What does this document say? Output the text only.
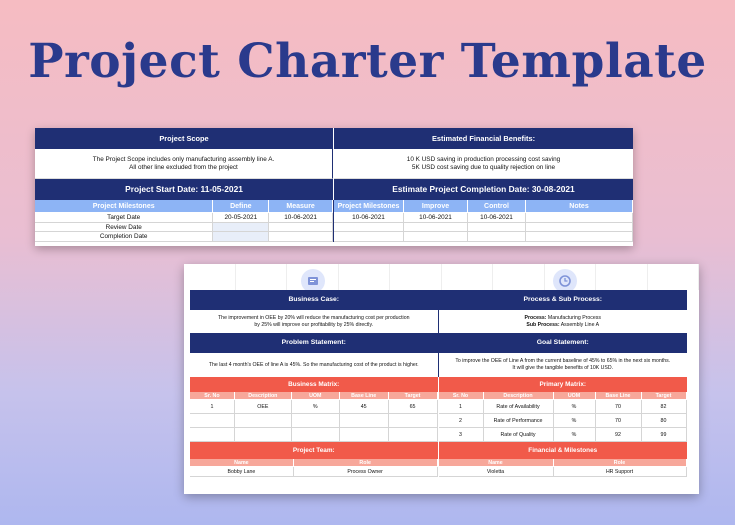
Project Charter Template
Project Scope
The Project Scope includes only manufacturing assembly line A.
All other line excluded from the project
Estimated Financial Benefits:
10 K USD saving in production processing cost saving
5K USD cost saving due to quality rejection on line
Project Start Date: 11-05-2021	Estimate Project Completion Date: 30-08-2021
Project Milestones	Define	Measure
Target Date	20-05-2021	10-06-2021
Review Date
Completion Date
Project Milestones	Improve	Control	Notes
10-06-2021	10-06-2021	10-06-2021
Business Case:
The improvement in OEE by 20% will reduce the manufacturing cost per production
by 25% will improve our profitability by 25% directly.
Process & Sub Process:
Process: Manufacturing Process
Sub Process: Assembly Line A
Problem Statement:
The last 4 month's OEE of line A is 45%. So the manufacturing cost of the product is higher.
Goal Statement:
To improve the OEE of Line A from the current baseline of 45% to 65% in the next six months.
It will give the tangible benefits of 10K USD.
Business Matrix:
Sr. No	Description	UOM	Base Line	Target
1	OEE	%	45	65
Primary Matrix:
Sr. No	Description	UOM	Base Line	Target
1	Rate of Availability	%	70	82
2	Rate of Performance	%	70	80
3	Rate of Quality	%	92	99
Project Team:
Name	Role
Bobby Lane	Process Owner
Financial & Milestones
Name	Role
Violetta	HR Support
